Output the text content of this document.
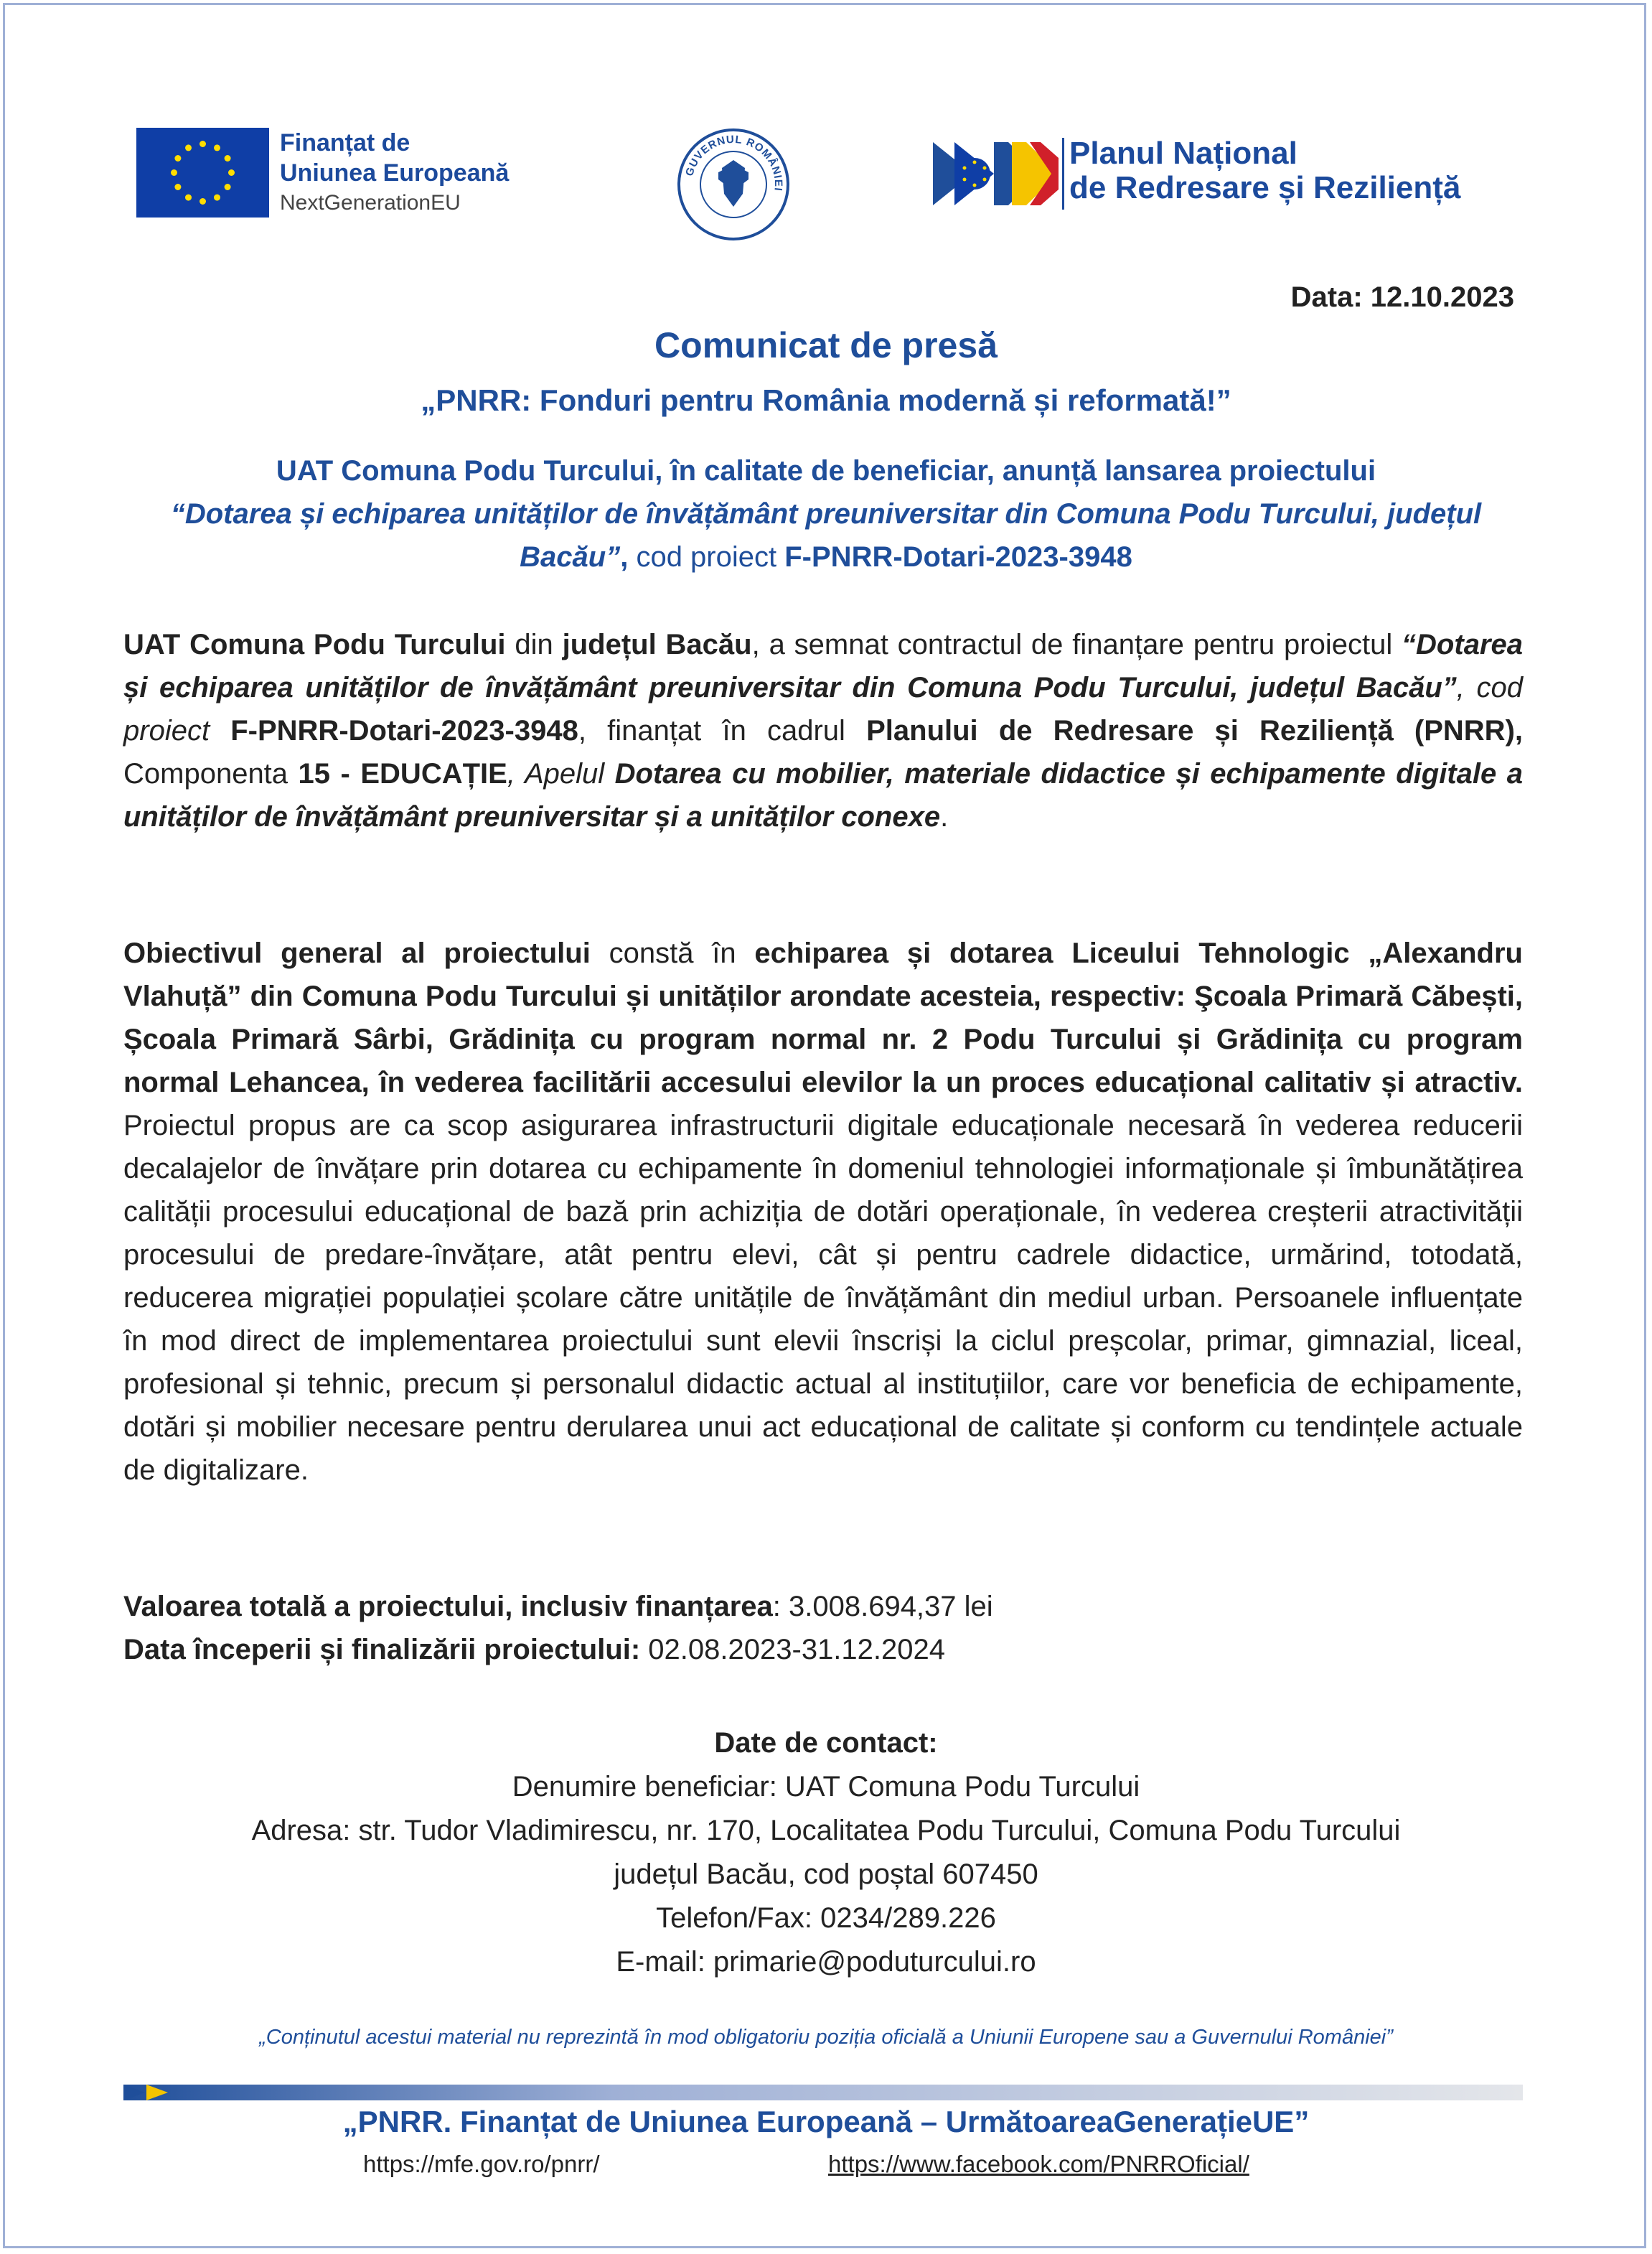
Finanțat de
Uniunea Europeană
NextGenerationEU
GUVERNUL ROMÂNIEI
Planul Național
de Redresare și Reziliență
Data: 12.10.2023
Comunicat de presă
„PNRR: Fonduri pentru România modernă și reformată!”
UAT Comuna Podu Turcului, în calitate de beneficiar, anunță lansarea proiectului
“Dotarea și echiparea unităților de învățământ preuniversitar din Comuna Podu Turcului, județul Bacău”, cod proiect F-PNRR-Dotari-2023-3948
UAT Comuna Podu Turcului din județul Bacău, a semnat contractul de finanțare pentru proiectul “Dotarea și echiparea unităților de învățământ preuniversitar din Comuna Podu Turcului, județul Bacău”, cod proiect F-PNRR-Dotari-2023-3948, finanțat în cadrul Planului de Redresare și Reziliență (PNRR), Componenta 15 - EDUCAȚIE, Apelul Dotarea cu mobilier, materiale didactice și echipamente digitale a unităților de învățământ preuniversitar și a unităților conexe.
Obiectivul general al proiectului constă în echiparea și dotarea Liceului Tehnologic „Alexandru Vlahuță” din Comuna Podu Turcului și unităților arondate acesteia, respectiv: Şcoala Primară Căbești, Școala Primară Sârbi, Grădinița cu program normal nr. 2 Podu Turcului și Grădinița cu program normal Lehancea, în vederea facilitării accesului elevilor la un proces educațional calitativ și atractiv. Proiectul propus are ca scop asigurarea infrastructurii digitale educaționale necesară în vederea reducerii decalajelor de învățare prin dotarea cu echipamente în domeniul tehnologiei informaționale și îmbunătățirea calității procesului educațional de bază prin achiziția de dotări operaționale, în vederea creșterii atractivității procesului de predare-învățare, atât pentru elevi, cât și pentru cadrele didactice, urmărind, totodată, reducerea migrației populației școlare către unitățile de învățământ din mediul urban. Persoanele influențate în mod direct de implementarea proiectului sunt elevii înscriși la ciclul preșcolar, primar, gimnazial, liceal, profesional și tehnic, precum și personalul didactic actual al instituțiilor, care vor beneficia de echipamente, dotări și mobilier necesare pentru derularea unui act educațional de calitate și conform cu tendințele actuale de digitalizare.
Valoarea totală a proiectului, inclusiv finanțarea: 3.008.694,37 lei
Data începerii și finalizării proiectului: 02.08.2023-31.12.2024
Date de contact:
Denumire beneficiar: UAT Comuna Podu Turcului
Adresa: str. Tudor Vladimirescu, nr. 170, Localitatea Podu Turcului, Comuna Podu Turcului
județul Bacău, cod poștal 607450
Telefon/Fax: 0234/289.226
E-mail: primarie@poduturcului.ro
„Conținutul acestui material nu reprezintă în mod obligatoriu poziția oficială a Uniunii Europene sau a Guvernului României”
„PNRR. Finanțat de Uniunea Europeană – UrmătoareaGenerațieUE”
https://mfe.gov.ro/pnrr/	https://www.facebook.com/PNRROficial/
